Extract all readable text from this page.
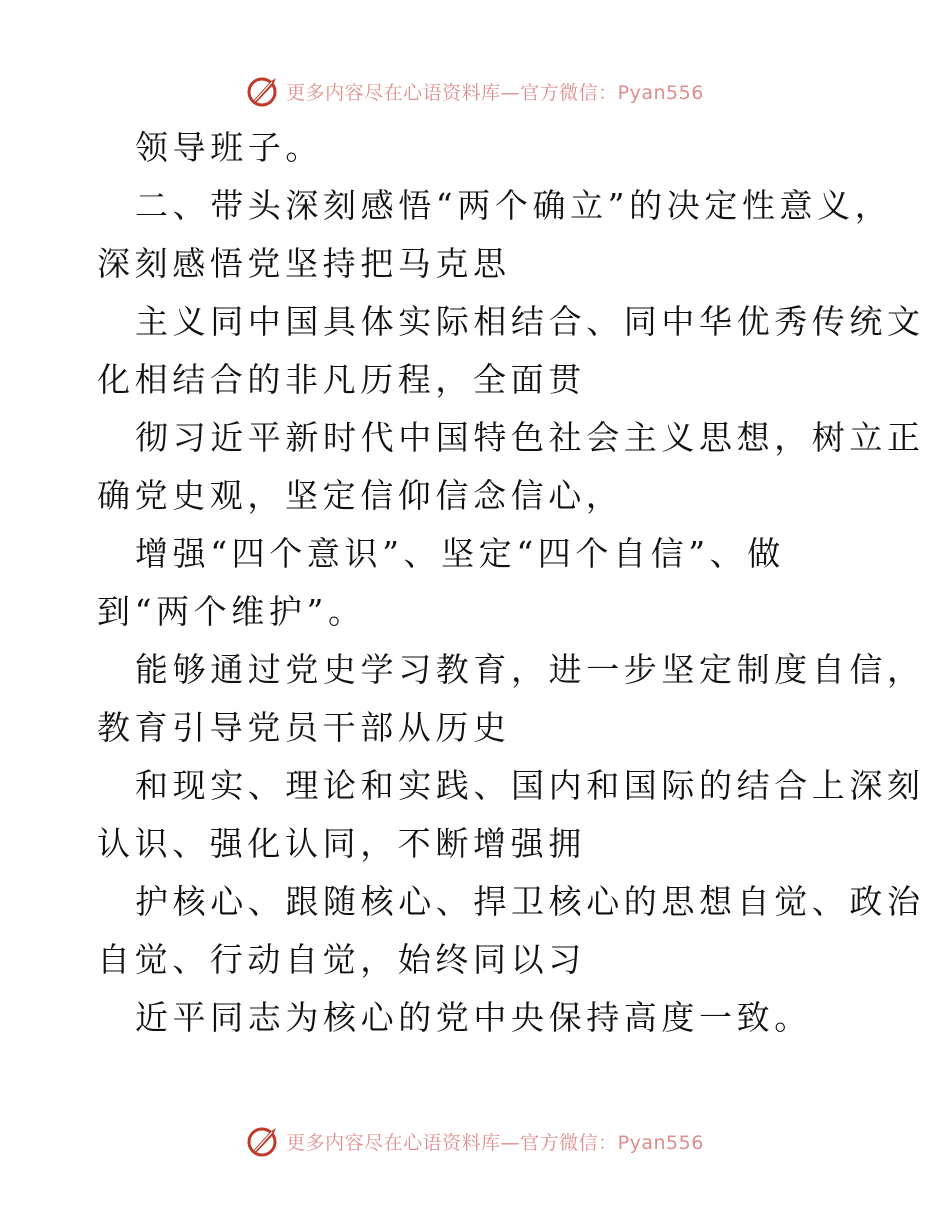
更多内容尽在心语资料库—官方微信：Pyan556
领导班子。
二、带头深刻感悟“两个确立”的决定性意义，
深刻感悟党坚持把马克思
主义同中国具体实际相结合、同中华优秀传统文
化相结合的非凡历程，全面贯
彻习近平新时代中国特色社会主义思想，树立正
确党史观，坚定信仰信念信心，
增强“四个意识”、坚定“四个自信”、做
到“两个维护”。
能够通过党史学习教育，进一步坚定制度自信，
教育引导党员干部从历史
和现实、理论和实践、国内和国际的结合上深刻
认识、强化认同，不断增强拥
护核心、跟随核心、捍卫核心的思想自觉、政治
自觉、行动自觉，始终同以习
近平同志为核心的党中央保持高度一致。
更多内容尽在心语资料库—官方微信：Pyan556
